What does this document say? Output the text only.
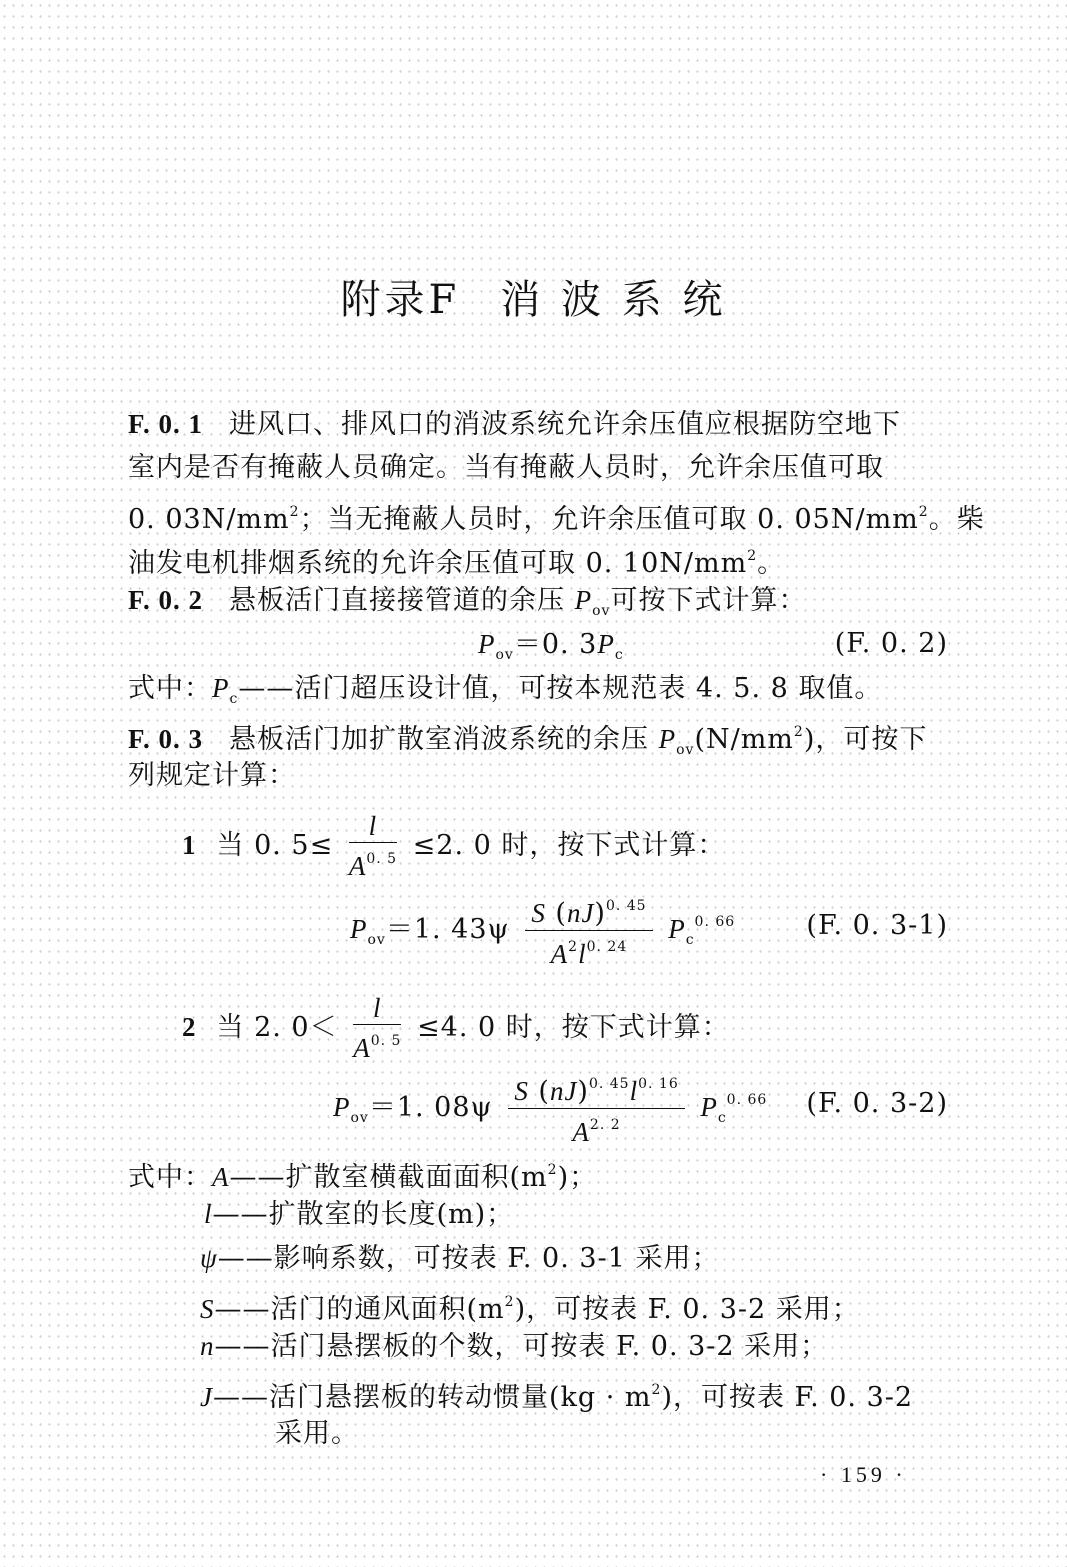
附录F 消 波 系 统
F. 0. 1 进风口、排风口的消波系统允许余压值应根据防空地下
室内是否有掩蔽人员确定。当有掩蔽人员时，允许余压值可取
0. $03N/mm^2$；当无掩蔽人员时，允许余压值可取 0. $05N/mm^2$。柴
油发电机排烟系统的允许余压值可取 0. $10N/mm^2$。
F. 0. 2 悬板活门直接接管道的余压 $P_{ov}$可按下式计算：
$P_{ov}=0$. $3P_c$	(F. 0. 2)
式中：$P_c——$活门超压设计值，可按本规范表 4. 5. 8 取值。
F. 0. 3 悬板活门加扩散室消波系统的余压 $P_{ov}(N/mm^2)$，可按下
列规定计算：
1 当 0. $5\le \frac{l}{A^{0. 5}} \le 2$. 0 时，按下式计算：
$P_{ov}=1$. $43\psi \frac{S (nJ)^{0. 45}}{A^2l^{0. 24}} P_c^{0. 66}$	(F. 0. 3-1)
2 当 2. $0< \frac{l}{A^{0. 5}} \le 4$. 0 时，按下式计算：
$P_{ov}=1$. $08\psi \frac{S (nJ)^{0. 45}l^{0. 16}}{A^{2. 2}} P_c^{0. 66}$ (F. 0. 3-2)
式中：A——扩散室横截面面积$(m^2)$；
l——扩散室的长度(m)；
ψ——影响系数，可按表 F. 0. 3-1 采用；
S——活门的通风面积$(m^2)$，可按表 F. 0. 3-2 采用；
n——活门悬摆板的个数，可按表 F. 0. 3-2 采用；
J——活门悬摆板的转动惯量$(kg \cdot m^2)$，可按表 F. 0. 3-2
采用。
· 159 ·
